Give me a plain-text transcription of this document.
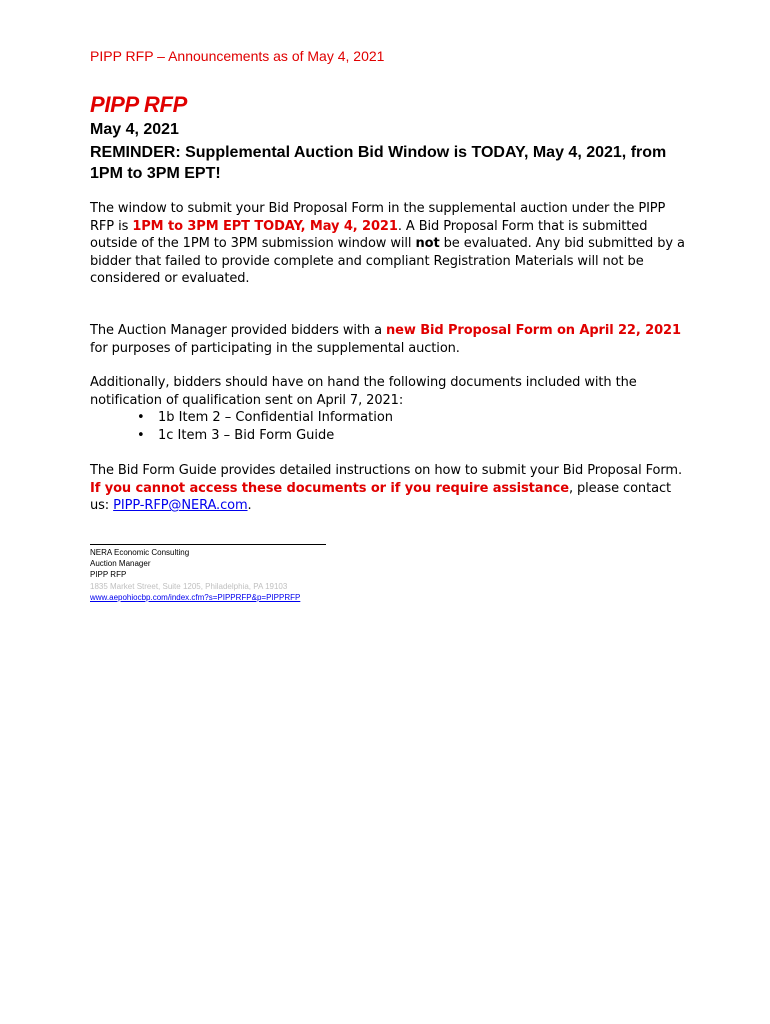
PIPP RFP – Announcements as of May 4, 2021
PIPP RFP
May 4, 2021
REMINDER: Supplemental Auction Bid Window is TODAY, May 4, 2021, from 1PM to 3PM EPT!
The window to submit your Bid Proposal Form in the supplemental auction under the PIPP RFP is 1PM to 3PM EPT TODAY, May 4, 2021. A Bid Proposal Form that is submitted outside of the 1PM to 3PM submission window will not be evaluated. Any bid submitted by a bidder that failed to provide complete and compliant Registration Materials will not be considered or evaluated.
The Auction Manager provided bidders with a new Bid Proposal Form on April 22, 2021 for purposes of participating in the supplemental auction.
Additionally, bidders should have on hand the following documents included with the notification of qualification sent on April 7, 2021:
• 1b Item 2 – Confidential Information
• 1c Item 3 – Bid Form Guide
The Bid Form Guide provides detailed instructions on how to submit your Bid Proposal Form. If you cannot access these documents or if you require assistance, please contact us: PIPP-RFP@NERA.com.
NERA Economic Consulting
Auction Manager
PIPP RFP
1835 Market Street, Suite 1205, Philadelphia, PA 19103
www.aepohiocbp.com/index.cfm?s=PIPPRFP&p=PIPPRFP
